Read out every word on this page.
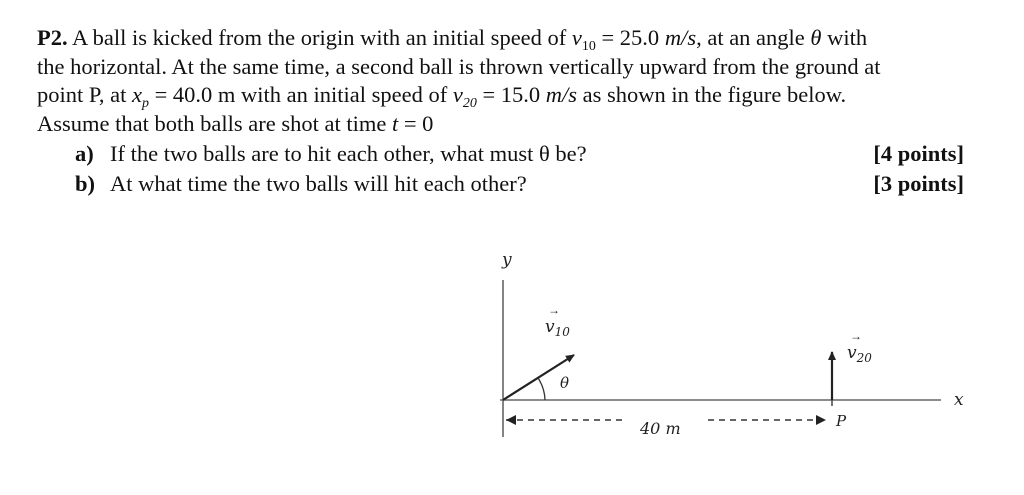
P2. A ball is kicked from the origin with an initial speed of $v_{10} = 25.0$ m/s, at an angle θ with
the horizontal. At the same time, a second ball is thrown vertically upward from the ground at
point P, at $x_p = 40.0$ m with an initial speed of $v_{20} = 15.0$ m/s as shown in the figure below.
Assume that both balls are shot at time t = 0

a) If the two balls are to hit each other, what must θ be?	[4 points]
b) At what time the two balls will hit each other?	[3 points]
y
x
$v_{10}$
→
θ
$v_{20}$
→
P
40 m
